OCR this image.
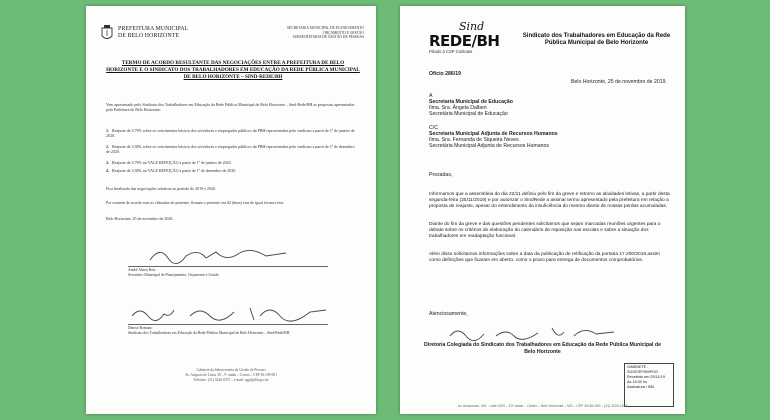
PREFEITURA MUNICIPAL
DE BELO HORIZONTE
SECRETARIA MUNICIPAL DE PLANEJAMENTO
ORÇAMENTO E GESTÃO
SUBSECRETARIA DE GESTÃO DE PESSOAS
TERMO DE ACORDO RESULTANTE DAS NEGOCIAÇÕES ENTRE A PREFEITURA DE BELO HORIZONTE E O SINDICATO DOS TRABALHADORES EM EDUCAÇÃO DA REDE PÚBLICA MUNICIPAL DE BELO HORIZONTE – SIND-REDE/BH
Vem apresentado pelo Sindicato dos Trabalhadores em Educação da Rede Pública Municipal de Belo Horizonte – Sind-Rede/BH as propostas apresentadas pela Prefeitura de Belo Horizonte:
1. Reajuste de 3,79% sobre os vencimentos básicos dos servidores e empregados públicos da PBH representados pelo sindicato a partir de 1º de janeiro de 2020.
2. Reajuste de 3,38% sobre os vencimentos básicos dos servidores e empregados públicos da PBH representados pelo sindicato a partir de 1º de dezembro de 2020.
3. Reajuste de 3,79% no VALE REFEIÇÃO a partir de 1º de janeiro de 2020.
4. Reajuste de 3,38% no VALE REFEIÇÃO a partir de 1º de dezembro de 2020.
Fica finalizado das negociações relativas ao período de 2019 e 2020.
Por estarem de acordo com as cláusulas do presente, firmam o presente em 02 (duas) vias de igual forma e teor.
Belo Horizonte, 25 de novembro de 2020.
André Abreu Reis
Secretário Municipal de Planejamento, Orçamento e Gestão
Denise Romano
Sindicato dos Trabalhadores em Educação da Rede Pública Municipal de Belo Horizonte – Sind-Rede/BH
Gabinete da Subsecretaria de Gestão de Pessoas
Av. Augusto de Lima, 30 – 9º andar – Centro – CEP 30.190-001
Telefone: (31) 3246-0375 – e-mail: sgp@pbh.gov.br
Sind
REDE/BH
Filiado à CSP Conlutas
Sindicato dos Trabalhadores em Educação da Rede Pública Municipal de Belo Horizonte
Ofício 286/19
Belo Horizonte, 25 de novembro de 2019.
A
Secretaria Municipal de Educação
Ilma. Sra. Ângela Dalben
Secretária Municipal de Educação
C/C
Secretaria Municipal Adjunta de Recursos Humanos
Ilma. Sra. Fernanda de Siqueira Neves
Secretária Municipal Adjunta de Recursos Humanos
Prezadas,
Informamos que a assembleia do dia 22/11 definiu pelo fim da greve e retorno as atividades letivas, a partir desta segunda-feira (25/11/2019) e por autorizar o SindRede a assinar termo apresentado pela prefeitura em relação a proposta de reajuste, apesar do entendimento da insuficiência do mesmo diante de nossas perdas acumuladas.
Diante do fim da greve e das questões pendentes solicitamos que sejam marcadas reuniões urgentes para o debate sobre os critérios de elaboração do calendário de reposição nas escolas e sobre a situação dos trabalhadores em readaptação funcional.
Além disso solicitamos informações sobre a data da publicação de retificação da portaria 17.200/2019,assim como definições que ficaram em aberto, como o prazo para entrega de documentos comprobatórios.
Atenciosamente,
Diretoria Colegiada do Sindicato dos Trabalhadores em Educação da Rede Pública Municipal de Belo Horizonte
GABINETE - SUGESP/SMPOG
Recebido em 25/11/19
Às 16:30 hs
Assinatura / BM
Av. Amazonas, 491 – sala 1009 – 10º andar – Centro – Belo Horizonte – MG – CEP 30180-000 – (31) 3226-1515
